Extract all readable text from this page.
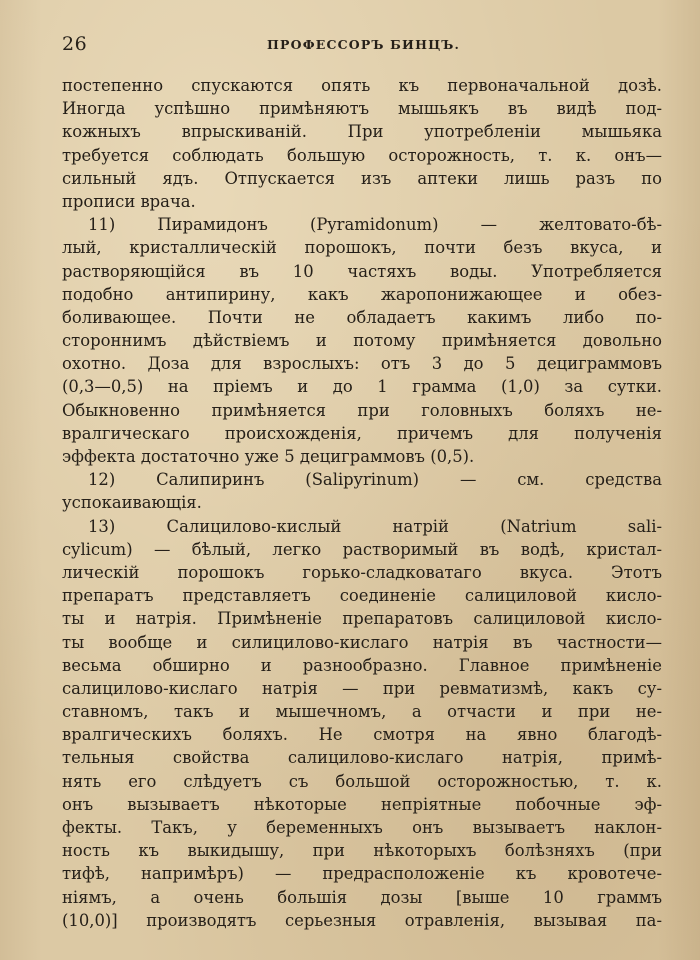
26	ПРОФЕССОРЪ БИНЦЪ.
постепенно спускаются опять къ первоначальной дозѣ.
Иногда успѣшно примѣняютъ мышьякъ въ видѣ под-
кожныхъ впрыскиваній. При употребленіи мышьяка
требуется соблюдать большую осторожность, т. к. онъ—
сильный ядъ. Отпускается изъ аптеки лишь разъ по
прописи врача.
11) Пирамидонъ (Pyramidonum) — желтовато-бѣ-
лый, кристаллическій порошокъ, почти безъ вкуса, и
растворяющійся въ 10 частяхъ воды. Употребляется
подобно антипирину, какъ жаропонижающее и обез-
боливающее. Почти не обладаетъ какимъ либо по-
стороннимъ дѣйствіемъ и потому примѣняется довольно
охотно. Доза для взрослыхъ: отъ 3 до 5 дециграммовъ
(0,3—0,5) на пріемъ и до 1 грамма (1,0) за сутки.
Обыкновенно примѣняется при головныхъ боляхъ не-
вралгическаго происхожденія, причемъ для полученія
эффекта достаточно уже 5 дециграммовъ (0,5).
12) Салипиринъ (Salipyrinum) — см. средства
успокаивающія.
13) Салицилово-кислый натрій (Natrium sali-
cylicum) — бѣлый, легко растворимый въ водѣ, кристал-
лическій порошокъ горько-сладковатаго вкуса. Этотъ
препаратъ представляетъ соединеніе салициловой кисло-
ты и натрія. Примѣненіе препаратовъ салициловой кисло-
ты вообще и силицилово-кислаго натрія въ частности—
весьма обширно и разнообразно. Главное примѣненіе
салицилово-кислаго натрія — при ревматизмѣ, какъ су-
ставномъ, такъ и мышечномъ, а отчасти и при не-
вралгическихъ боляхъ. Не смотря на явно благодѣ-
тельныя свойства салицилово-кислаго натрія, примѣ-
нять его слѣдуетъ съ большой осторожностью, т. к.
онъ вызываетъ нѣкоторые непріятные побочные эф-
фекты. Такъ, у беременныхъ онъ вызываетъ наклон-
ность къ выкидышу, при нѣкоторыхъ болѣзняхъ (при
тифѣ, напримѣръ) — предрасположеніе къ кровотече-
ніямъ, а очень большія дозы [выше 10 граммъ
(10,0)] производятъ серьезныя отравленія, вызывая па-
